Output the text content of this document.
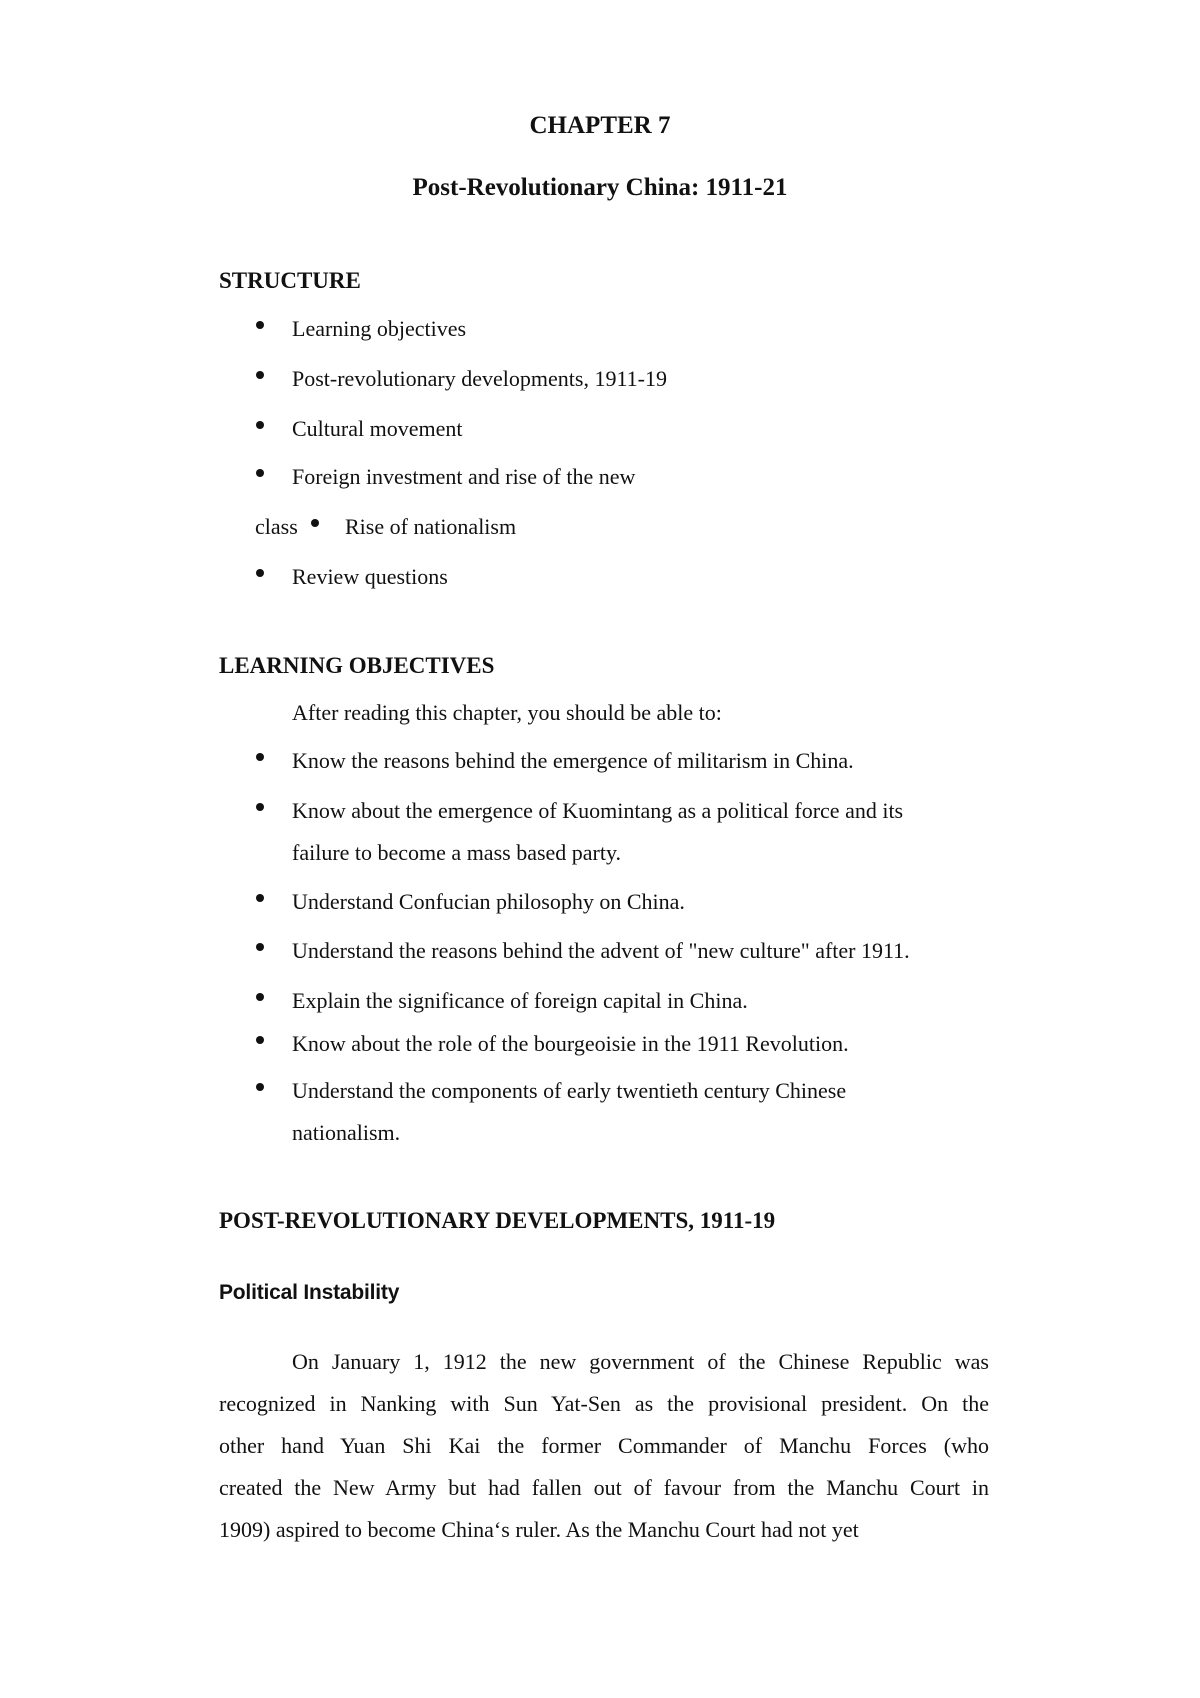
CHAPTER 7
Post-Revolutionary China: 1911-21
STRUCTURE
Learning objectives
Post-revolutionary developments, 1911-19
Cultural movement
Foreign investment and rise of the new
class Rise of nationalism
Review questions
LEARNING OBJECTIVES
After reading this chapter, you should be able to:
Know the reasons behind the emergence of militarism in China.
Know about the emergence of Kuomintang as a political force and its
failure to become a mass based party.
Understand Confucian philosophy on China.
Understand the reasons behind the advent of "new culture" after 1911.
Explain the significance of foreign capital in China.
Know about the role of the bourgeoisie in the 1911 Revolution.
Understand the components of early twentieth century Chinese
nationalism.
POST-REVOLUTIONARY DEVELOPMENTS, 1911-19
Political Instability
On January 1, 1912 the new government of the Chinese Republic was
recognized in Nanking with Sun Yat-Sen as the provisional president. On the
other hand Yuan Shi Kai the former Commander of Manchu Forces (who
created the New Army but had fallen out of favour from the Manchu Court in
1909) aspired to become China‘s ruler. As the Manchu Court had not yet
